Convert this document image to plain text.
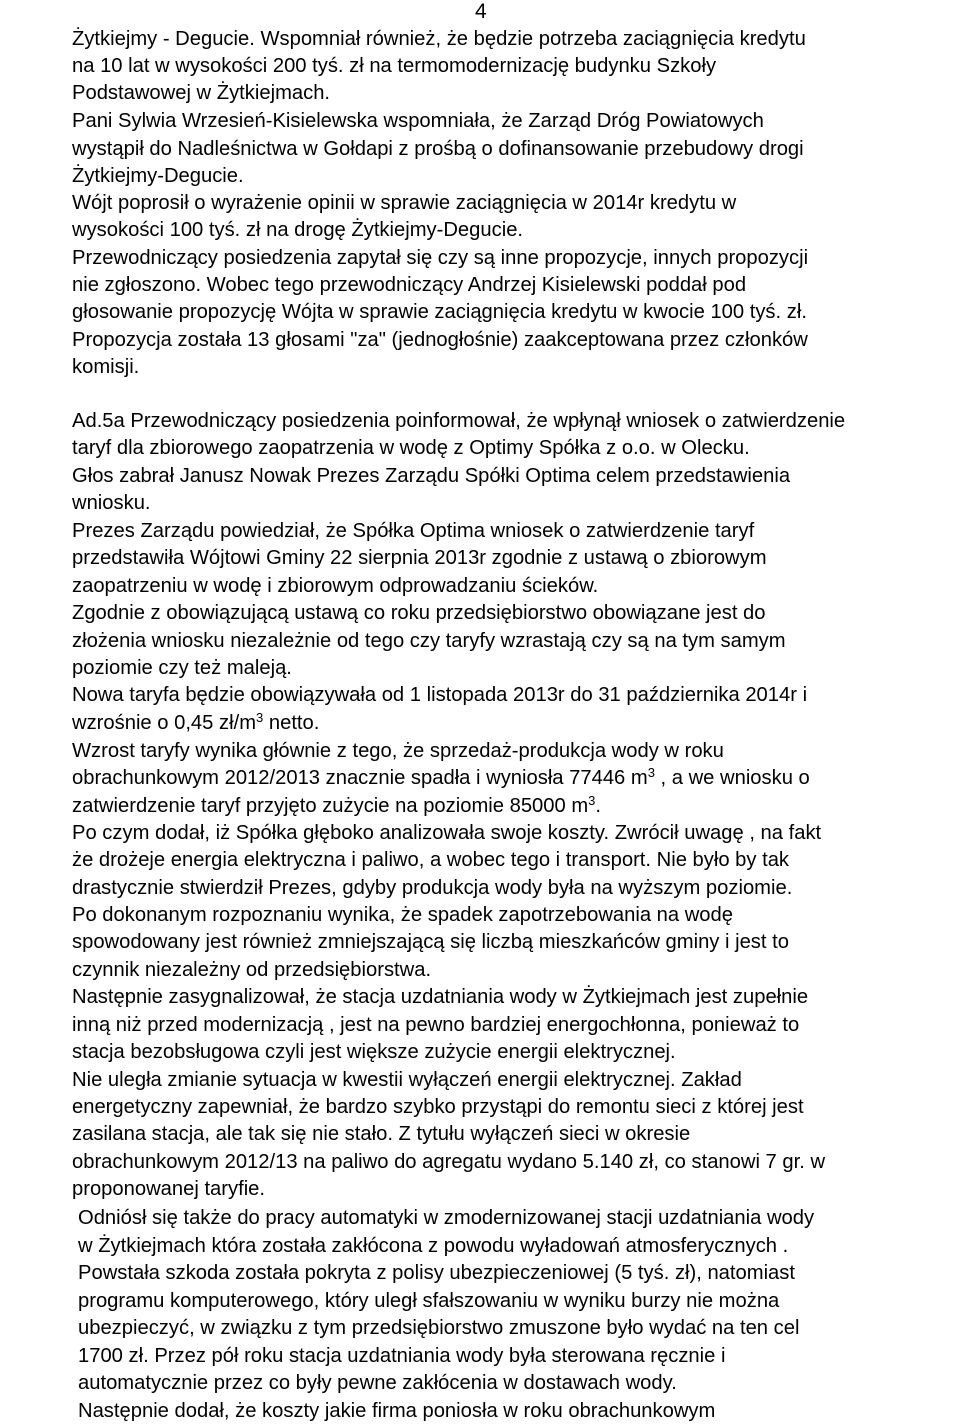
4

Żytkiejmy - Degucie. Wspomniał również, że będzie potrzeba zaciągnięcia kredytu

na 10 lat w wysokości 200 tyś. zł na termomodernizację budynku Szkoły

Podstawowej w Żytkiejmach.

Pani Sylwia Wrzesień-Kisielewska wspomniała, że Zarząd Dróg Powiatowych

wystąpił do Nadleśnictwa w Gołdapi z prośbą o dofinansowanie przebudowy drogi

Żytkiejmy-Degucie.

Wójt poprosił o wyrażenie opinii w sprawie zaciągnięcia w 2014r kredytu w

wysokości 100 tyś. zł na drogę Żytkiejmy-Degucie.

Przewodniczący posiedzenia zapytał się czy są inne propozycje, innych propozycji

nie zgłoszono. Wobec tego przewodniczący Andrzej Kisielewski poddał pod

głosowanie propozycję Wójta w sprawie zaciągnięcia kredytu w kwocie 100 tyś. zł.

Propozycja została 13 głosami "za" (jednogłośnie) zaakceptowana przez członków

komisji.

Ad.5a Przewodniczący posiedzenia poinformował, że wpłynął wniosek o zatwierdzenie

taryf dla zbiorowego zaopatrzenia w wodę z Optimy Spółka z o.o. w Olecku.

Głos zabrał Janusz Nowak Prezes Zarządu Spółki Optima celem przedstawienia

wniosku.

Prezes Zarządu powiedział, że Spółka Optima wniosek o zatwierdzenie taryf

przedstawiła Wójtowi Gminy 22 sierpnia 2013r zgodnie z ustawą o zbiorowym

zaopatrzeniu w wodę i zbiorowym odprowadzaniu ścieków.

Zgodnie z obowiązującą ustawą co roku przedsiębiorstwo obowiązane jest do

złożenia wniosku niezależnie od tego czy taryfy wzrastają czy są na tym samym

poziomie czy też maleją.

Nowa taryfa będzie obowiązywała od 1 listopada 2013r do 31 października 2014r i

wzrośnie o 0,45 $zł/m^3$ netto.

Wzrost taryfy wynika głównie z tego, że sprzedaż-produkcja wody w roku

obrachunkowym 2012/2013 znacznie spadła i wyniosła 77446 $m^3$ , a we wniosku o

zatwierdzenie taryf przyjęto zużycie na poziomie 85000 $m^3$.

Po czym dodał, iż Spółka głęboko analizowała swoje koszty. Zwrócił uwagę , na fakt

że drożeje energia elektryczna i paliwo, a wobec tego i transport. Nie było by tak

drastycznie stwierdził Prezes, gdyby produkcja wody była na wyższym poziomie.

Po dokonanym rozpoznaniu wynika, że spadek zapotrzebowania na wodę

spowodowany jest również zmniejszającą się liczbą mieszkańców gminy i jest to

czynnik niezależny od przedsiębiorstwa.

Następnie zasygnalizował, że stacja uzdatniania wody w Żytkiejmach jest zupełnie

inną niż przed modernizacją , jest na pewno bardziej energochłonna, ponieważ to

stacja bezobsługowa czyli jest większe zużycie energii elektrycznej.

Nie uległa zmianie sytuacja w kwestii wyłączeń energii elektrycznej. Zakład

energetyczny zapewniał, że bardzo szybko przystąpi do remontu sieci z której jest

zasilana stacja, ale tak się nie stało. Z tytułu wyłączeń sieci w okresie

obrachunkowym 2012/13 na paliwo do agregatu wydano 5.140 zł, co stanowi 7 gr. w

proponowanej taryfie.

Odniósł się także do pracy automatyki w zmodernizowanej stacji uzdatniania wody

w Żytkiejmach która została zakłócona z powodu wyładowań atmosferycznych .

Powstała szkoda została pokryta z polisy ubezpieczeniowej (5 tyś. zł), natomiast

programu komputerowego, który uległ sfałszowaniu w wyniku burzy nie można

ubezpieczyć, w związku z tym przedsiębiorstwo zmuszone było wydać na ten cel

1700 zł. Przez pół roku stacja uzdatniania wody była sterowana ręcznie i

automatycznie przez co były pewne zakłócenia w dostawach wody.

Następnie dodał, że koszty jakie firma poniosła w roku obrachunkowym
